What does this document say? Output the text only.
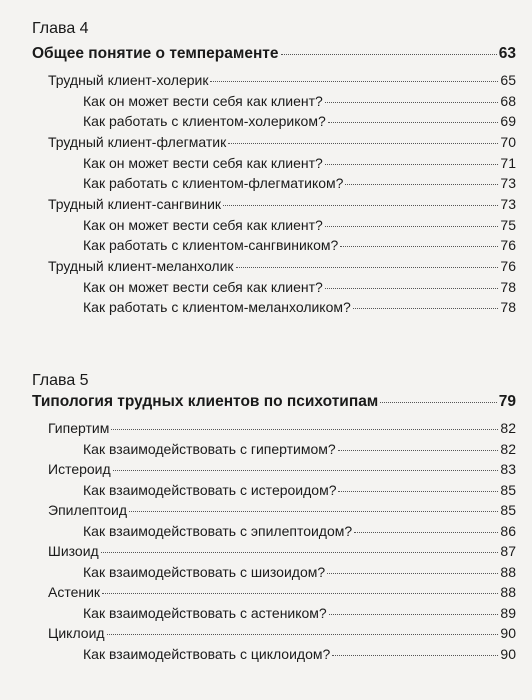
Глава 4
Общее понятие о темпераменте	63
Трудный клиент-холерик	65
Как он может вести себя как клиент?	68
Как работать с клиентом-холериком?	69
Трудный клиент-флегматик	70
Как он может вести себя как клиент?	71
Как работать с клиентом-флегматиком?	73
Трудный клиент-сангвиник	73
Как он может вести себя как клиент?	75
Как работать с клиентом-сангвиником?	76
Трудный клиент-меланхолик	76
Как он может вести себя как клиент?	78
Как работать с клиентом-меланхоликом?	78
Глава 5
Типология трудных клиентов по психотипам	79
Гипертим	82
Как взаимодействовать с гипертимом?	82
Истероид	83
Как взаимодействовать с истероидом?	85
Эпилептоид	85
Как взаимодействовать с эпилептоидом?	86
Шизоид	87
Как взаимодействовать с шизоидом?	88
Астеник	88
Как взаимодействовать с астеником?	89
Циклоид	90
Как взаимодействовать с циклоидом?	90
